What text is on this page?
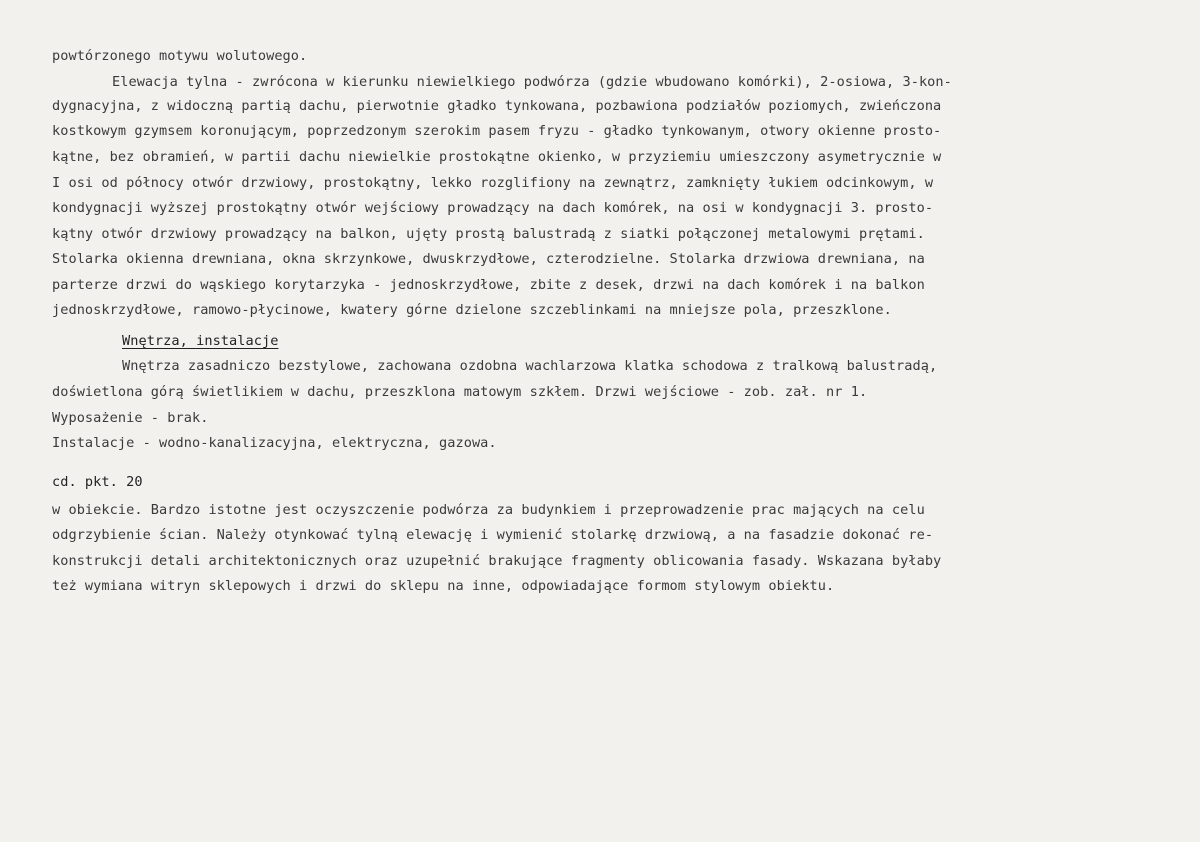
powtórzonego motywu wolutowego.
Elewacja tylna - zwrócona w kierunku niewielkiego podwórza (gdzie wbudowano komórki), 2-osiowa, 3-kon-
dygnacyjna, z widoczną partią dachu, pierwotnie gładko tynkowana, pozbawiona podziałów poziomych, zwieńczona
kostkowym gzymsem koronującym, poprzedzonym szerokim pasem fryzu - gładko tynkowanym, otwory okienne prosto-
kątne, bez obramień, w partii dachu niewielkie prostokątne okienko, w przyziemiu umieszczony asymetrycznie w
I osi od północy otwór drzwiowy, prostokątny, lekko rozglifiony na zewnątrz, zamknięty łukiem odcinkowym, w
kondygnacji wyższej prostokątny otwór wejściowy prowadzący na dach komórek, na osi w kondygnacji 3. prosto-
kątny otwór drzwiowy prowadzący na balkon, ujęty prostą balustradą z siatki połączonej metalowymi prętami.
Stolarka okienna drewniana, okna skrzynkowe, dwuskrzydłowe, czterodzielne. Stolarka drzwiowa drewniana, na
parterze drzwi do wąskiego korytarzyka - jednoskrzydłowe, zbite z desek, drzwi na dach komórek i na balkon
jednoskrzydłowe, ramowo-płycinowe, kwatery górne dzielone szczeblinkami na mniejsze pola, przeszklone.
Wnętrza, instalacje
Wnętrza zasadniczo bezstylowe, zachowana ozdobna wachlarzowa klatka schodowa z tralkową balustradą,
doświetlona górą świetlikiem w dachu, przeszklona matowym szkłem. Drzwi wejściowe - zob. zał. nr 1.
Wyposażenie - brak.
Instalacje - wodno-kanalizacyjna, elektryczna, gazowa.
cd. pkt. 20
w obiekcie. Bardzo istotne jest oczyszczenie podwórza za budynkiem i przeprowadzenie prac mających na celu
odgrzybienie ścian. Należy otynkować tylną elewację i wymienić stolarkę drzwiową, a na fasadzie dokonać re-
konstrukcji detali architektonicznych oraz uzupełnić brakujące fragmenty oblicowania fasady. Wskazana byłaby
też wymiana witryn sklepowych i drzwi do sklepu na inne, odpowiadające formom stylowym obiektu.
